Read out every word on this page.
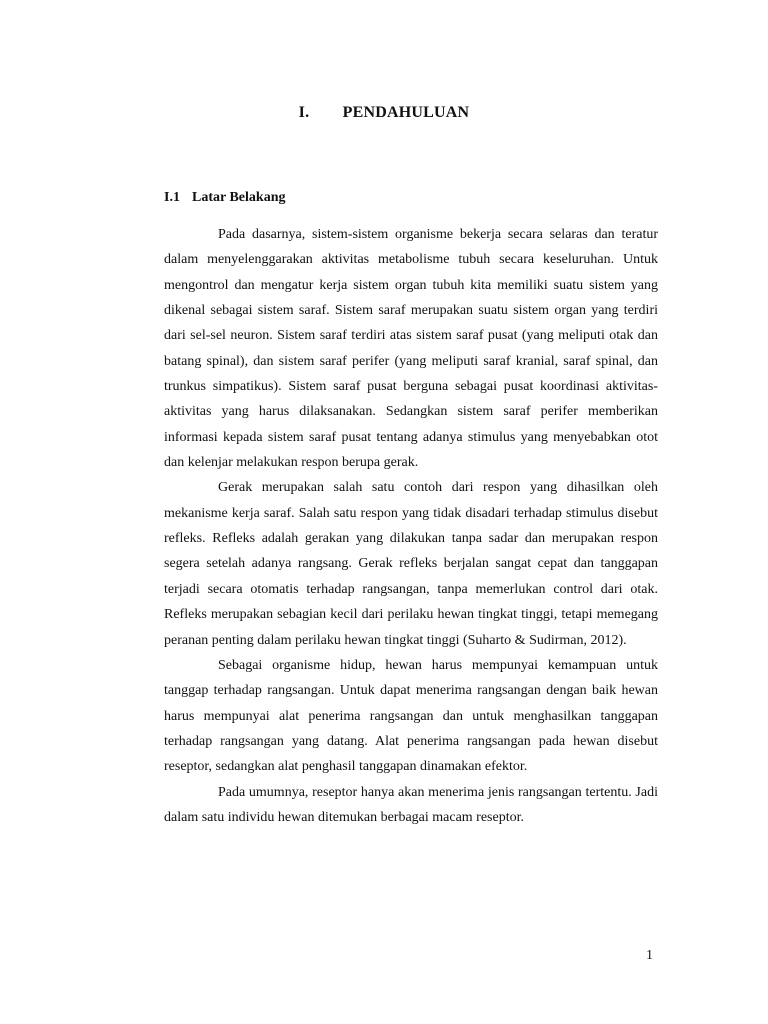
I. PENDAHULUAN
I.1 Latar Belakang

Pada dasarnya, sistem-sistem organisme bekerja secara selaras dan teratur dalam menyelenggarakan aktivitas metabolisme tubuh secara keseluruhan. Untuk mengontrol dan mengatur kerja sistem organ tubuh kita memiliki suatu sistem yang dikenal sebagai sistem saraf. Sistem saraf merupakan suatu sistem organ yang terdiri dari sel-sel neuron. Sistem saraf terdiri atas sistem saraf pusat (yang meliputi otak dan batang spinal), dan sistem saraf perifer (yang meliputi saraf kranial, saraf spinal, dan trunkus simpatikus). Sistem saraf pusat berguna sebagai pusat koordinasi aktivitas-aktivitas yang harus dilaksanakan. Sedangkan sistem saraf perifer memberikan informasi kepada sistem saraf pusat tentang adanya stimulus yang menyebabkan otot dan kelenjar melakukan respon berupa gerak.

Gerak merupakan salah satu contoh dari respon yang dihasilkan oleh mekanisme kerja saraf. Salah satu respon yang tidak disadari terhadap stimulus disebut refleks. Refleks adalah gerakan yang dilakukan tanpa sadar dan merupakan respon segera setelah adanya rangsang. Gerak refleks berjalan sangat cepat dan tanggapan terjadi secara otomatis terhadap rangsangan, tanpa memerlukan control dari otak. Refleks merupakan sebagian kecil dari perilaku hewan tingkat tinggi, tetapi memegang peranan penting dalam perilaku hewan tingkat tinggi (Suharto & Sudirman, 2012).

Sebagai organisme hidup, hewan harus mempunyai kemampuan untuk tanggap terhadap rangsangan. Untuk dapat menerima rangsangan dengan baik hewan harus mempunyai alat penerima rangsangan dan untuk menghasilkan tanggapan terhadap rangsangan yang datang. Alat penerima rangsangan pada hewan disebut reseptor, sedangkan alat penghasil tanggapan dinamakan efektor.

Pada umumnya, reseptor hanya akan menerima jenis rangsangan tertentu. Jadi dalam satu individu hewan ditemukan berbagai macam reseptor.

1
